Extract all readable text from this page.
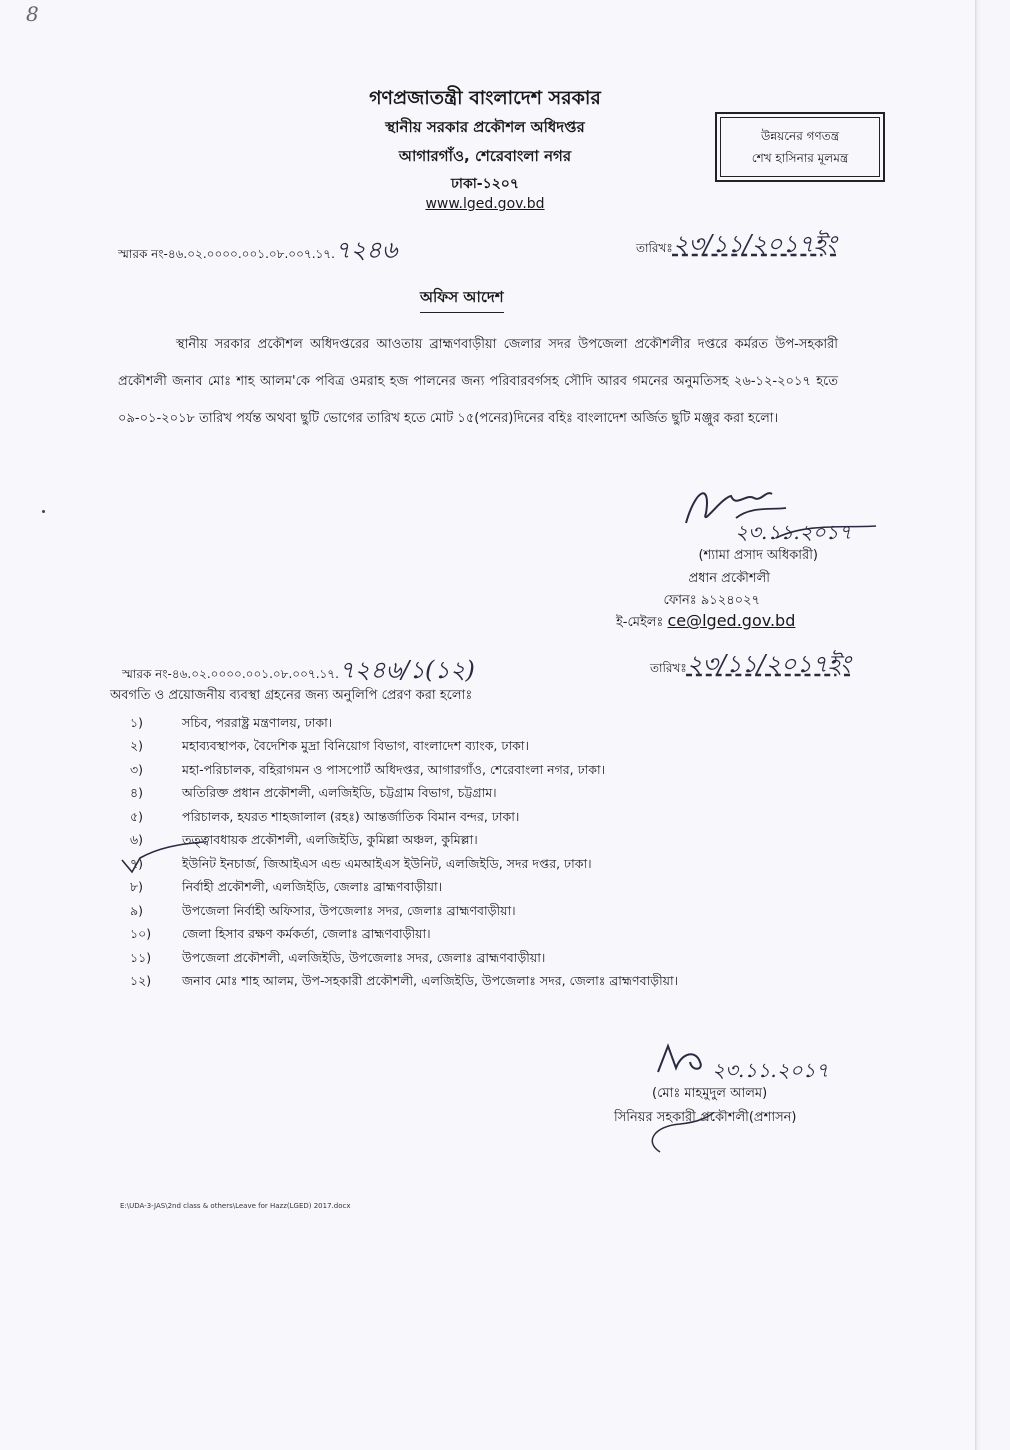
8
গণপ্রজাতন্ত্রী বাংলাদেশ সরকার
স্থানীয় সরকার প্রকৌশল অধিদপ্তর
আগারগাঁও, শেরেবাংলা নগর
ঢাকা-১২০৭
www.lged.gov.bd
উন্নয়নের গণতন্ত্র
শেখ হাসিনার মূলমন্ত্র
স্মারক নং-৪৬.০২.০০০০.০০১.০৮.০০৭.১৭.৭২৪৬	তারিখঃ২৩/১১/২০১৭ইং
অফিস আদেশ
স্থানীয় সরকার প্রকৌশল অধিদপ্তরের আওতায় ব্রাহ্মণবাড়ীয়া জেলার সদর উপজেলা প্রকৌশলীর দপ্তরে কর্মরত উপ-সহকারী প্রকৌশলী জনাব মোঃ শাহ আলম'কে পবিত্র ওমরাহ হজ পালনের জন্য পরিবারবর্গসহ সৌদি আরব গমনের অনুমতিসহ ২৬-১২-২০১৭ হতে ০৯-০১-২০১৮ তারিখ পর্যন্ত অথবা ছুটি ভোগের তারিখ হতে মোট ১৫(পনের)দিনের বহিঃ বাংলাদেশ অর্জিত ছুটি মঞ্জুর করা হলো।
২৩.১১.২০১৭
(শ্যামা প্রসাদ অধিকারী)
প্রধান প্রকৌশলী
ফোনঃ ৯১২৪০২৭
ই-মেইলঃ ce@lged.gov.bd
স্মারক নং-৪৬.০২.০০০০.০০১.০৮.০০৭.১৭.৭২৪৬/১(১২)	তারিখঃ২৩/১১/২০১৭ইং
অবগতি ও প্রয়োজনীয় ব্যবস্থা গ্রহনের জন্য অনুলিপি প্রেরণ করা হলোঃ
১)	সচিব, পররাষ্ট্র মন্ত্রণালয়, ঢাকা।
২)	মহাব্যবস্থাপক, বৈদেশিক মুদ্রা বিনিয়োগ বিভাগ, বাংলাদেশ ব্যাংক, ঢাকা।
৩)	মহা-পরিচালক, বহিরাগমন ও পাসপোর্ট অধিদপ্তর, আগারগাঁও, শেরেবাংলা নগর, ঢাকা।
৪)	অতিরিক্ত প্রধান প্রকৌশলী, এলজিইডি, চট্টগ্রাম বিভাগ, চট্টগ্রাম।
৫)	পরিচালক, হযরত শাহজালাল (রহঃ) আন্তর্জাতিক বিমান বন্দর, ঢাকা।
৬)	তত্ত্বাবধায়ক প্রকৌশলী, এলজিইডি, কুমিল্লা অঞ্চল, কুমিল্লা।
৭)	ইউনিট ইনচার্জ, জিআইএস এন্ড এমআইএস ইউনিট, এলজিইডি, সদর দপ্তর, ঢাকা।
৮)	নির্বাহী প্রকৌশলী, এলজিইডি, জেলাঃ ব্রাহ্মণবাড়ীয়া।
৯)	উপজেলা নির্বাহী অফিসার, উপজেলাঃ সদর, জেলাঃ ব্রাহ্মণবাড়ীয়া।
১০)	জেলা হিসাব রক্ষণ কর্মকর্তা, জেলাঃ ব্রাহ্মণবাড়ীয়া।
১১)	উপজেলা প্রকৌশলী, এলজিইডি, উপজেলাঃ সদর, জেলাঃ ব্রাহ্মণবাড়ীয়া।
১২)	জনাব মোঃ শাহ আলম, উপ-সহকারী প্রকৌশলী, এলজিইডি, উপজেলাঃ সদর, জেলাঃ ব্রাহ্মণবাড়ীয়া।
২৩.১১.২০১৭
(মোঃ মাহমুদুল আলম)
সিনিয়র সহকারী প্রকৌশলী(প্রশাসন)
E:\UDA-3-JAS\2nd class & others\Leave for Hazz(LGED) 2017.docx
